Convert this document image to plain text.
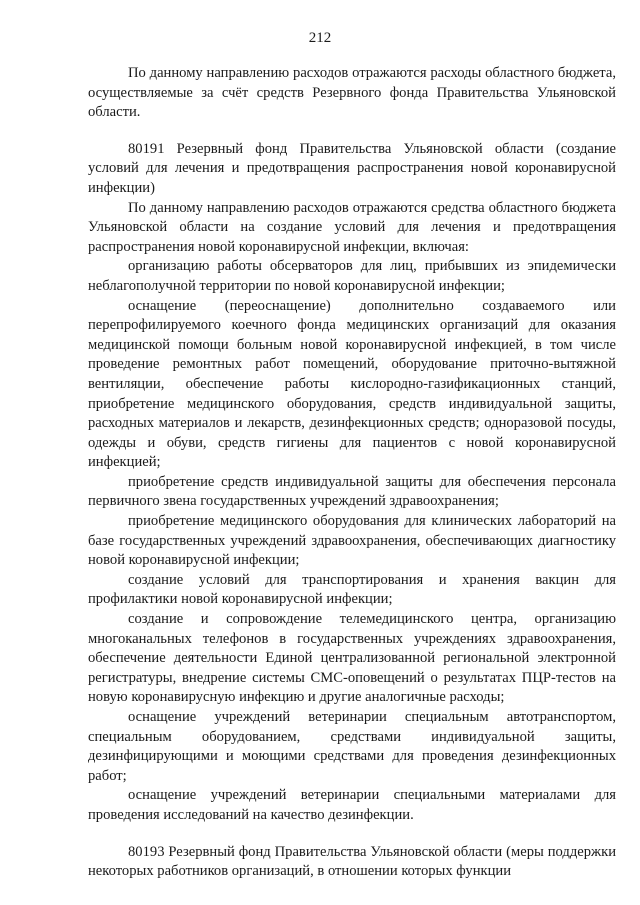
212

По данному направлению расходов отражаются расходы областного бюджета, осуществляемые за счёт средств Резервного фонда Правительства Ульяновской области.

80191 Резервный фонд Правительства Ульяновской области (создание условий для лечения и предотвращения распространения новой коронавирусной инфекции)

По данному направлению расходов отражаются средства областного бюджета Ульяновской области на создание условий для лечения и предотвращения распространения новой коронавирусной инфекции, включая:

организацию работы обсерваторов для лиц, прибывших из эпидемически неблагополучной территории по новой коронавирусной инфекции;

оснащение (переоснащение) дополнительно создаваемого или перепрофилируемого коечного фонда медицинских организаций для оказания медицинской помощи больным новой коронавирусной инфекцией, в том числе проведение ремонтных работ помещений, оборудование приточно-вытяжной вентиляции, обеспечение работы кислородно-газификационных станций, приобретение медицинского оборудования, средств индивидуальной защиты, расходных материалов и лекарств, дезинфекционных средств; одноразовой посуды, одежды и обуви, средств гигиены для пациентов с новой коронавирусной инфекцией;

приобретение средств индивидуальной защиты для обеспечения персонала первичного звена государственных учреждений здравоохранения;

приобретение медицинского оборудования для клинических лабораторий на базе государственных учреждений здравоохранения, обеспечивающих диагностику новой коронавирусной инфекции;

создание условий для транспортирования и хранения вакцин для профилактики новой коронавирусной инфекции;

создание и сопровождение телемедицинского центра, организацию многоканальных телефонов в государственных учреждениях здравоохранения, обеспечение деятельности Единой централизованной региональной электронной регистратуры, внедрение системы СМС-оповещений о результатах ПЦР-тестов на новую коронавирусную инфекцию и другие аналогичные расходы;

оснащение учреждений ветеринарии специальным автотранспортом, специальным оборудованием, средствами индивидуальной защиты, дезинфицирующими и моющими средствами для проведения дезинфекционных работ;

оснащение учреждений ветеринарии специальными материалами для проведения исследований на качество дезинфекции.

80193 Резервный фонд Правительства Ульяновской области (меры поддержки некоторых работников организаций, в отношении которых функции
